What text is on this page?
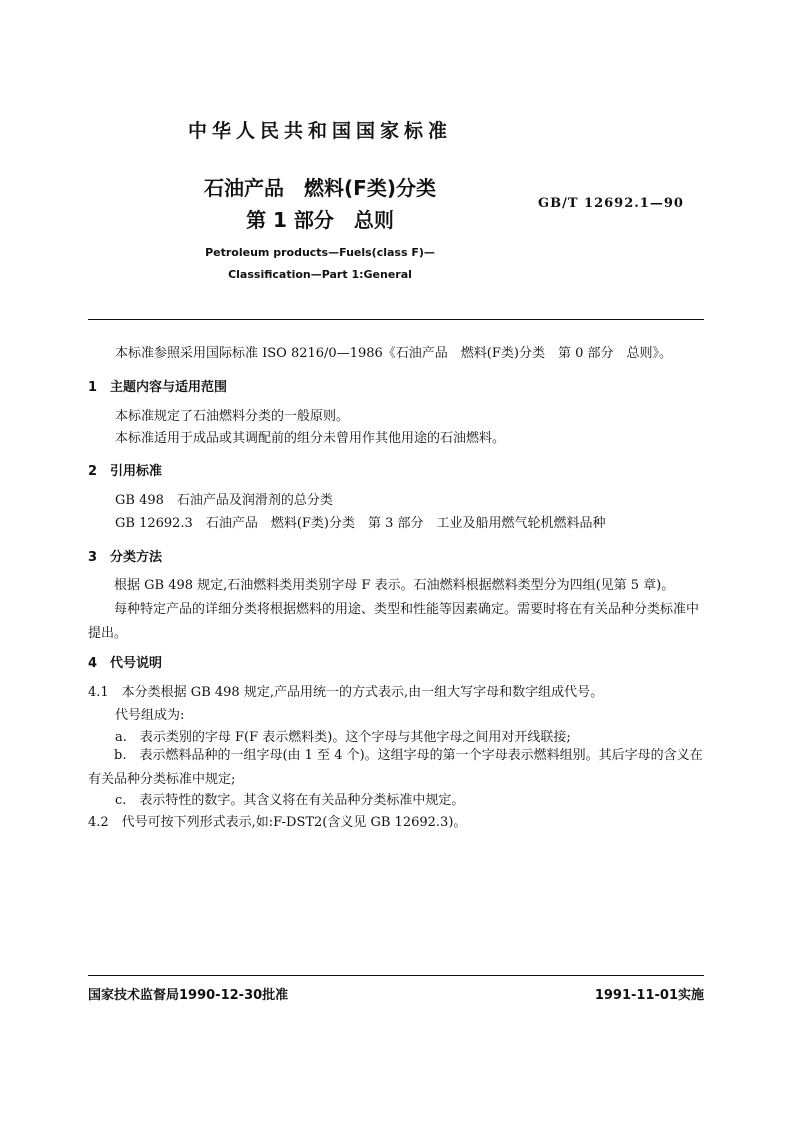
中华人民共和国国家标准
石油产品　燃料(F类)分类
第 1 部分　总则
GB/T 12692.1—90
Petroleum products—Fuels(class F)—
Classification—Part 1:General
本标准参照采用国际标准 ISO 8216/0—1986《石油产品　燃料(F类)分类　第 0 部分　总则》。
1　主题内容与适用范围
本标准规定了石油燃料分类的一般原则。
本标准适用于成品或其调配前的组分未曾用作其他用途的石油燃料。
2　引用标准
GB 498　石油产品及润滑剂的总分类
GB 12692.3　石油产品　燃料(F类)分类　第 3 部分　工业及船用燃气轮机燃料品种
3　分类方法
根据 GB 498 规定,石油燃料类用类别字母 F 表示。石油燃料根据燃料类型分为四组(见第 5 章)。
每种特定产品的详细分类将根据燃料的用途、类型和性能等因素确定。需要时将在有关品种分类标准中提出。
4　代号说明
4.1　本分类根据 GB 498 规定,产品用统一的方式表示,由一组大写字母和数字组成代号。
代号组成为:
a.　表示类别的字母 F(F 表示燃料类)。这个字母与其他字母之间用对开线联接;
b.　表示燃料品种的一组字母(由 1 至 4 个)。这组字母的第一个字母表示燃料组别。其后字母的含义在有关品种分类标准中规定;
c.　表示特性的数字。其含义将在有关品种分类标准中规定。
4.2　代号可按下列形式表示,如:F-DST2(含义见 GB 12692.3)。
国家技术监督局1990-12-30批准	1991-11-01实施
